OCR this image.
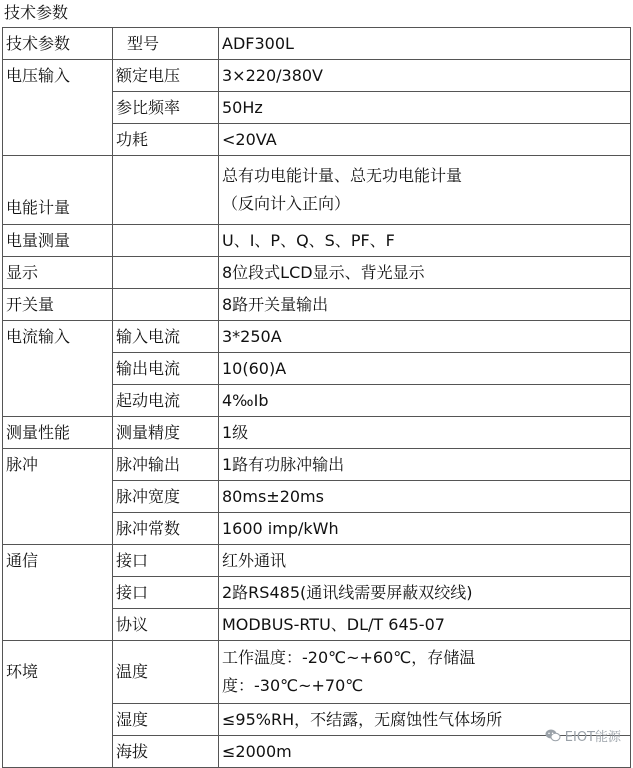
技术参数
技术参数	型号	ADF300L
电压输入	额定电压	3×220/380V
	参比频率	50Hz
	功耗	<20VA
电能计量		总有功电能计量、总无功电能计量
（反向计入正向）

电量测量		U、I、P、Q、S、PF、F
显示		8位段式LCD显示、背光显示
开关量		8路开关量输出
电流输入	输入电流	3*250A
	输出电流	10(60)A
	起动电流	4‰Ib
测量性能	测量精度	1级
脉冲	脉冲输出	1路有功脉冲输出
	脉冲宽度	80ms±20ms
	脉冲常数	1600 imp/kWh
通信	接口	红外通讯
	接口	2路RS485(通讯线需要屏蔽双绞线)
	协议	MODBUS-RTU、DL/T 645-07
环境	温度	工作温度：-20℃~+60℃，存储温
度：-30℃~+70℃

	湿度	≤95%RH，不结露，无腐蚀性气体场所
	海拔	≤2000m
EIOT能源
